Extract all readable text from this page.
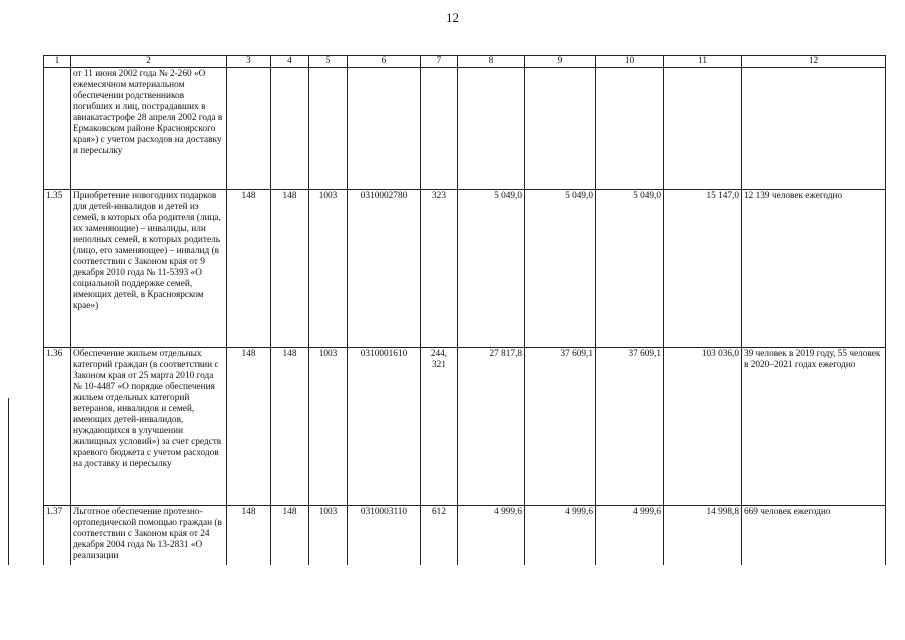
12
1	2	3	4	5	6	7	8	9	10	11	12
	от 11 июня 2002 года № 2-260 «О ежемесячном материальном обеспечении родственников погибших и лиц, пострадавших в авиакатастрофе 28 апреля 2002 года в Ермаковском районе Красноярского края») с учетом расходов на доставку и пересылку										
1.35	Приобретение новогодних подарков для детей-инвалидов и детей из семей, в которых оба родителя (лица, их заменяющие) – инвалиды, или неполных семей, в которых родитель (лицо, его заменяющее) – инвалид (в соответствии с Законом края от 9 декабря 2010 года № 11-5393 «О социальной поддержке семей, имеющих детей, в Красноярском крае»)	148	148	1003	0310002780	323	5 049,0	5 049,0	5 049,0	15 147,0	12 139 человек ежегодно
1.36	Обеспечение жильем отдельных категорий граждан (в соответствии с Законом края от 25 марта 2010 года № 10-4487 «О порядке обеспечения жильем отдельных категорий ветеранов, инвалидов и семей, имеющих детей-инвалидов, нуждающихся в улучшении жилищных условий») за счет средств краевого бюджета с учетом расходов на доставку и пересылку	148	148	1003	0310001610	244, 321	27 817,8	37 609,1	37 609,1	103 036,0	39 человек в 2019 году, 55 человек в 2020–2021 годах ежегодно
1.37	Льготное обеспечение протезно-ортопедической помощью граждан (в соответствии с Законом края от 24 декабря 2004 года № 13-2831 «О реализации	148	148	1003	0310003110	612	4 999,6	4 999,6	4 999,6	14 998,8	669 человек ежегодно
